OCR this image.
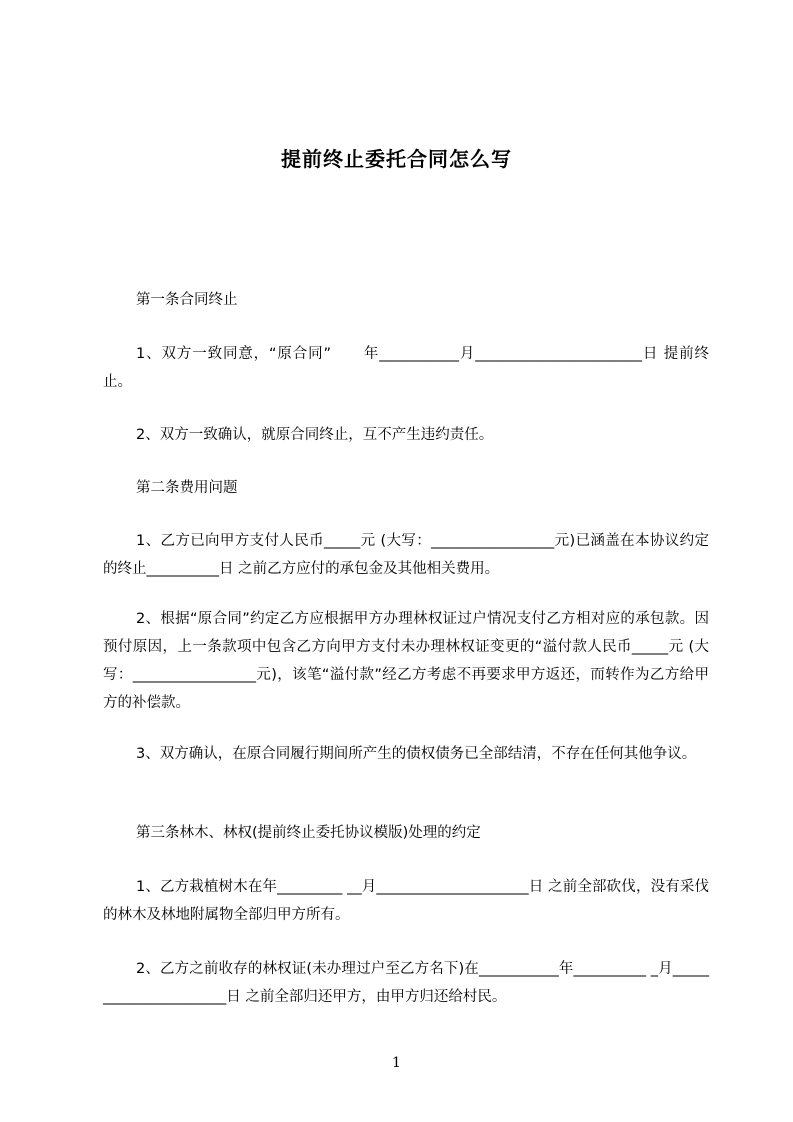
提前终止委托合同怎么写
第一条合同终止
1、双方一致同意，“原合同”      年___________月_______________________日 提前终止。
2、双方一致确认，就原合同终止，互不产生违约责任。
第二条费用问题
1、乙方已向甲方支付人民币_____元 (大写：_________________元)已涵盖在本协议约定的终止__________日 之前乙方应付的承包金及其他相关费用。
2、根据“原合同”约定乙方应根据甲方办理林权证过户情况支付乙方相对应的承包款。因预付原因，上一条款项中包含乙方向甲方支付未办理林权证变更的“溢付款人民币_____元 (大写：_________________元)，该笔“溢付款”经乙方考虑不再要求甲方返还，而转作为乙方给甲方的补偿款。
3、双方确认，在原合同履行期间所产生的债权债务已全部结清，不存在任何其他争议。
第三条林木、林权(提前终止委托协议模版)处理的约定
1、乙方栽植树木在年_________ __月_____________________日 之前全部砍伐，没有采伐的林木及林地附属物全部归甲方所有。
2、乙方之前收存的林权证(未办理过户至乙方名下)在___________年__________ _月______________________日 之前全部归还甲方，由甲方归还给村民。
1
